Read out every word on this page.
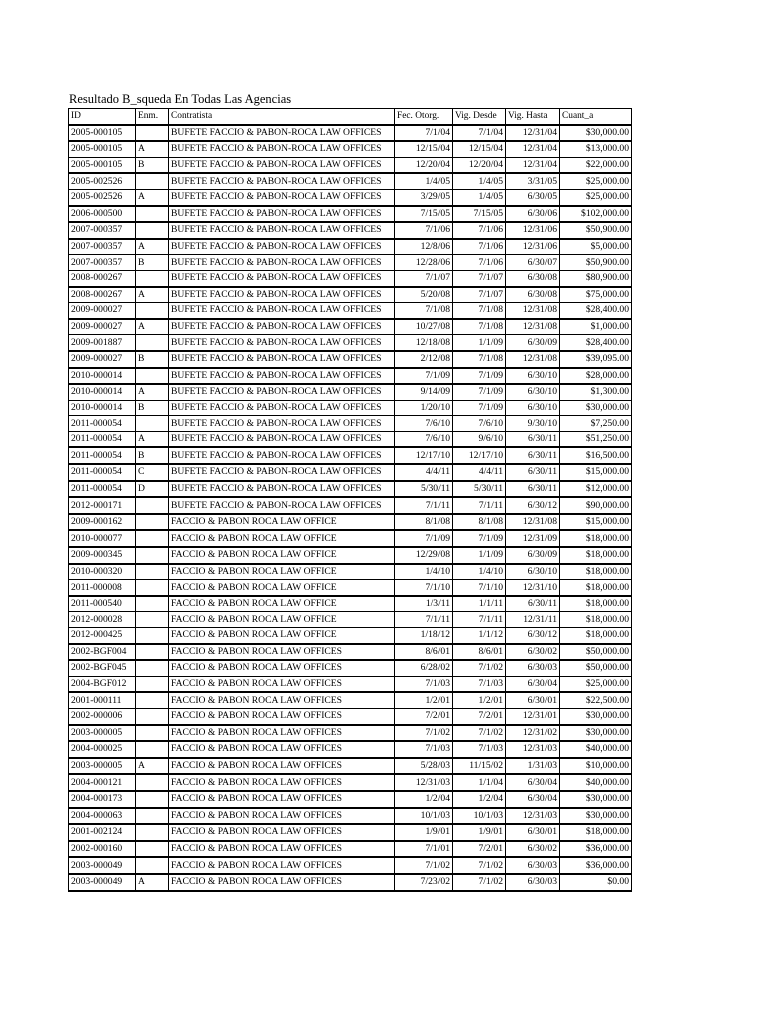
Resultado B_squeda En Todas Las Agencias
ID	Enm.	Contratista	Fec. Otorg.	Vig. Desde	Vig. Hasta	Cuant_a
2005-000105		BUFETE FACCIO & PABON-ROCA LAW OFFICES	7/1/04	7/1/04	12/31/04	$30,000.00
2005-000105	A	BUFETE FACCIO & PABON-ROCA LAW OFFICES	12/15/04	12/15/04	12/31/04	$13,000.00
2005-000105	B	BUFETE FACCIO & PABON-ROCA LAW OFFICES	12/20/04	12/20/04	12/31/04	$22,000.00
2005-002526		BUFETE FACCIO & PABON-ROCA LAW OFFICES	1/4/05	1/4/05	3/31/05	$25,000.00
2005-002526	A	BUFETE FACCIO & PABON-ROCA LAW OFFICES	3/29/05	1/4/05	6/30/05	$25,000.00
2006-000500		BUFETE FACCIO & PABON-ROCA LAW OFFICES	7/15/05	7/15/05	6/30/06	$102,000.00
2007-000357		BUFETE FACCIO & PABON-ROCA LAW OFFICES	7/1/06	7/1/06	12/31/06	$50,900.00
2007-000357	A	BUFETE FACCIO & PABON-ROCA LAW OFFICES	12/8/06	7/1/06	12/31/06	$5,000.00
2007-000357	B	BUFETE FACCIO & PABON-ROCA LAW OFFICES	12/28/06	7/1/06	6/30/07	$50,900.00
2008-000267		BUFETE FACCIO & PABON-ROCA LAW OFFICES	7/1/07	7/1/07	6/30/08	$80,900.00
2008-000267	A	BUFETE FACCIO & PABON-ROCA LAW OFFICES	5/20/08	7/1/07	6/30/08	$75,000.00
2009-000027		BUFETE FACCIO & PABON-ROCA LAW OFFICES	7/1/08	7/1/08	12/31/08	$28,400.00
2009-000027	A	BUFETE FACCIO & PABON-ROCA LAW OFFICES	10/27/08	7/1/08	12/31/08	$1,000.00
2009-001887		BUFETE FACCIO & PABON-ROCA LAW OFFICES	12/18/08	1/1/09	6/30/09	$28,400.00
2009-000027	B	BUFETE FACCIO & PABON-ROCA LAW OFFICES	2/12/08	7/1/08	12/31/08	$39,095.00
2010-000014		BUFETE FACCIO & PABON-ROCA LAW OFFICES	7/1/09	7/1/09	6/30/10	$28,000.00
2010-000014	A	BUFETE FACCIO & PABON-ROCA LAW OFFICES	9/14/09	7/1/09	6/30/10	$1,300.00
2010-000014	B	BUFETE FACCIO & PABON-ROCA LAW OFFICES	1/20/10	7/1/09	6/30/10	$30,000.00
2011-000054		BUFETE FACCIO & PABON-ROCA LAW OFFICES	7/6/10	7/6/10	9/30/10	$7,250.00
2011-000054	A	BUFETE FACCIO & PABON-ROCA LAW OFFICES	7/6/10	9/6/10	6/30/11	$51,250.00
2011-000054	B	BUFETE FACCIO & PABON-ROCA LAW OFFICES	12/17/10	12/17/10	6/30/11	$16,500.00
2011-000054	C	BUFETE FACCIO & PABON-ROCA LAW OFFICES	4/4/11	4/4/11	6/30/11	$15,000.00
2011-000054	D	BUFETE FACCIO & PABON-ROCA LAW OFFICES	5/30/11	5/30/11	6/30/11	$12,000.00
2012-000171		BUFETE FACCIO & PABON-ROCA LAW OFFICES	7/1/11	7/1/11	6/30/12	$90,000.00
2009-000162		FACCIO & PABON ROCA LAW OFFICE	8/1/08	8/1/08	12/31/08	$15,000.00
2010-000077		FACCIO & PABON ROCA LAW OFFICE	7/1/09	7/1/09	12/31/09	$18,000.00
2009-000345		FACCIO & PABON ROCA LAW OFFICE	12/29/08	1/1/09	6/30/09	$18,000.00
2010-000320		FACCIO & PABON ROCA LAW OFFICE	1/4/10	1/4/10	6/30/10	$18,000.00
2011-000008		FACCIO & PABON ROCA LAW OFFICE	7/1/10	7/1/10	12/31/10	$18,000.00
2011-000540		FACCIO & PABON ROCA LAW OFFICE	1/3/11	1/1/11	6/30/11	$18,000.00
2012-000028		FACCIO & PABON ROCA LAW OFFICE	7/1/11	7/1/11	12/31/11	$18,000.00
2012-000425		FACCIO & PABON ROCA LAW OFFICE	1/18/12	1/1/12	6/30/12	$18,000.00
2002-BGF004		FACCIO & PABON ROCA LAW OFFICES	8/6/01	8/6/01	6/30/02	$50,000.00
2002-BGF045		FACCIO & PABON ROCA LAW OFFICES	6/28/02	7/1/02	6/30/03	$50,000.00
2004-BGF012		FACCIO & PABON ROCA LAW OFFICES	7/1/03	7/1/03	6/30/04	$25,000.00
2001-000111		FACCIO & PABON ROCA LAW OFFICES	1/2/01	1/2/01	6/30/01	$22,500.00
2002-000006		FACCIO & PABON ROCA LAW OFFICES	7/2/01	7/2/01	12/31/01	$30,000.00
2003-000005		FACCIO & PABON ROCA LAW OFFICES	7/1/02	7/1/02	12/31/02	$30,000.00
2004-000025		FACCIO & PABON ROCA LAW OFFICES	7/1/03	7/1/03	12/31/03	$40,000.00
2003-000005	A	FACCIO & PABON ROCA LAW OFFICES	5/28/03	11/15/02	1/31/03	$10,000.00
2004-000121		FACCIO & PABON ROCA LAW OFFICES	12/31/03	1/1/04	6/30/04	$40,000.00
2004-000173		FACCIO & PABON ROCA LAW OFFICES	1/2/04	1/2/04	6/30/04	$30,000.00
2004-000063		FACCIO & PABON ROCA LAW OFFICES	10/1/03	10/1/03	12/31/03	$30,000.00
2001-002124		FACCIO & PABON ROCA LAW OFFICES	1/9/01	1/9/01	6/30/01	$18,000.00
2002-000160		FACCIO & PABON ROCA LAW OFFICES	7/1/01	7/2/01	6/30/02	$36,000.00
2003-000049		FACCIO & PABON ROCA LAW OFFICES	7/1/02	7/1/02	6/30/03	$36,000.00
2003-000049	A	FACCIO & PABON ROCA LAW OFFICES	7/23/02	7/1/02	6/30/03	$0.00
